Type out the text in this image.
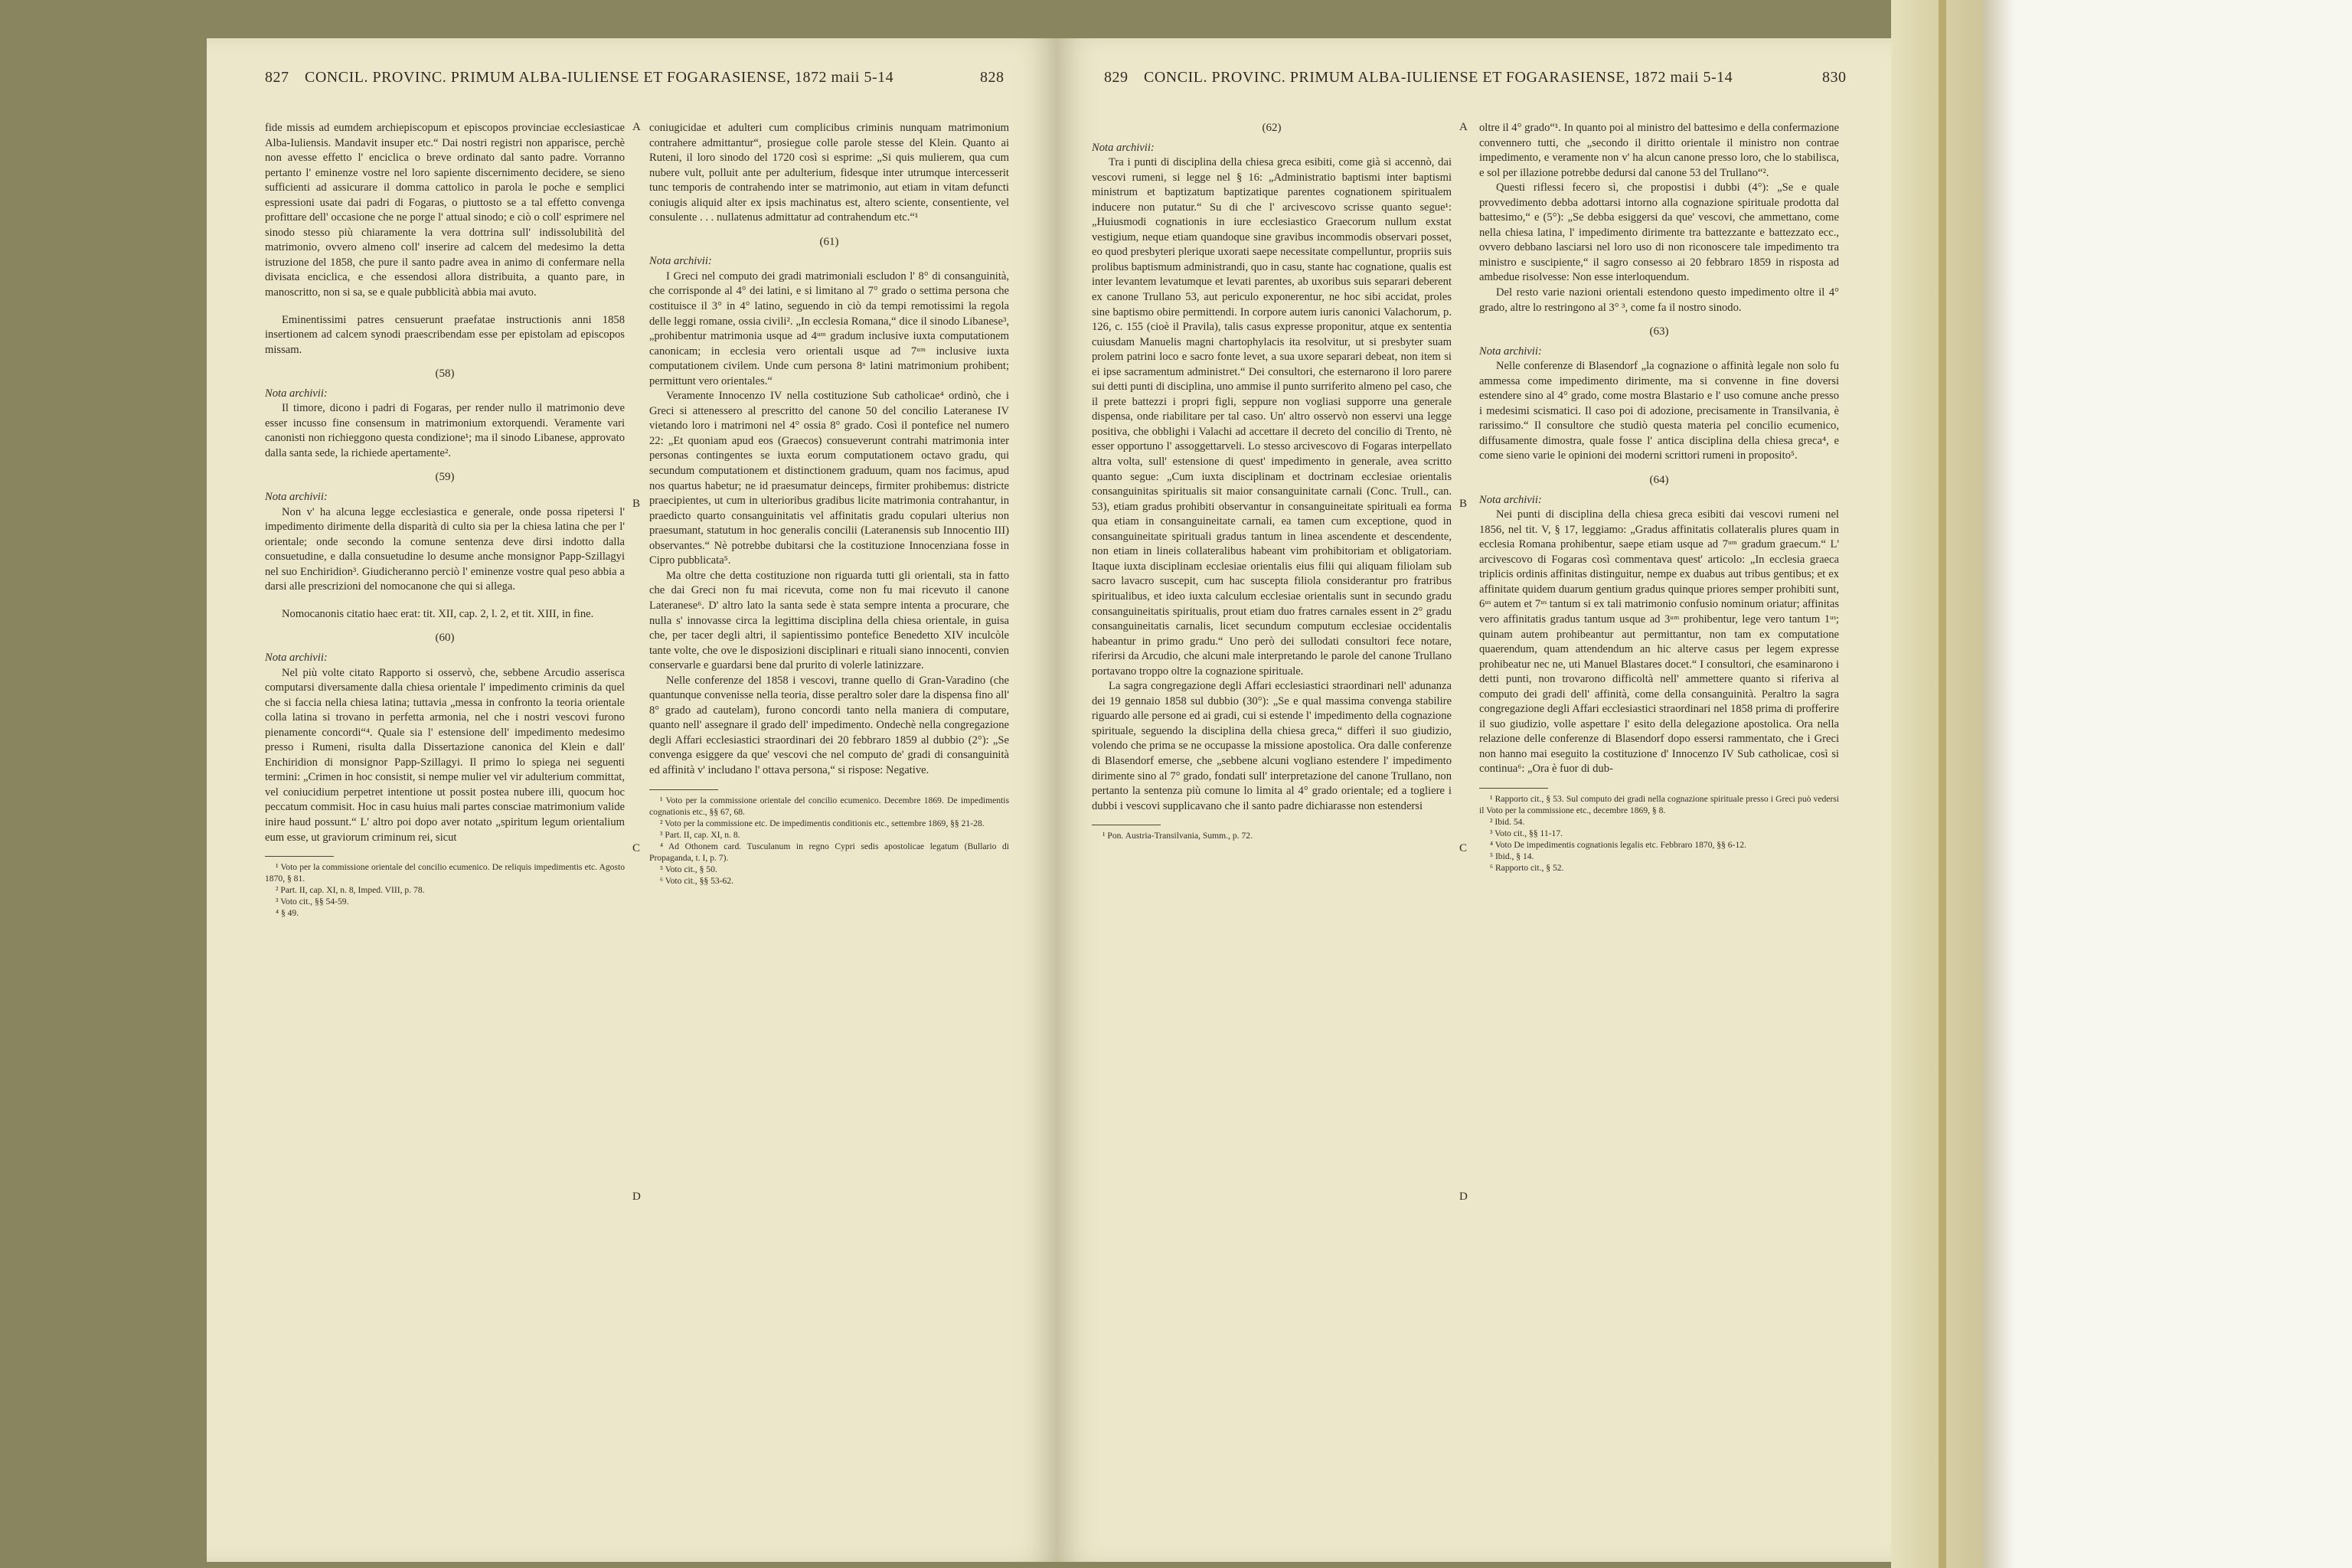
827 CONCIL. PROVINC. PRIMUM ALBA-IULIENSE ET FOGARASIENSE, 1872 maii 5-14	828
A
B
C
D

fide missis ad eumdem archiepiscopum et episcopos provinciae ecclesiasticae Alba-Iuliensis. Mandavit insuper etc.“ Dai nostri registri non apparisce, perchè non avesse effetto l' enciclica o breve ordinato dal santo padre. Vorranno pertanto l' eminenze vostre nel loro sapiente discernimento decidere, se sieno sufficienti ad assicurare il domma cattolico in parola le poche e semplici espressioni usate dai padri di Fogaras, o piuttosto se a tal effetto convenga profittare dell' occasione che ne porge l' attual sinodo; e ciò o coll' esprimere nel sinodo stesso più chiaramente la vera dottrina sull' indissolubilità del matrimonio, ovvero almeno coll' inserire ad calcem del medesimo la detta istruzione del 1858, che pure il santo padre avea in animo di confermare nella divisata enciclica, e che essendosi allora distribuita, a quanto pare, in manoscritto, non si sa, se e quale pubblicità abbia mai avuto.

Eminentissimi patres censuerunt praefatae instructionis anni 1858 insertionem ad calcem synodi praescribendam esse per epistolam ad episcopos missam.

(58)

Nota archivii:

Il timore, dicono i padri di Fogaras, per render nullo il matrimonio deve esser incusso fine consensum in matrimonium extorquendi. Veramente vari canonisti non richieggono questa condizione¹; ma il sinodo Libanese, approvato dalla santa sede, la richiede apertamente².

(59)

Nota archivii:

Non v' ha alcuna legge ecclesiastica e generale, onde possa ripetersi l' impedimento dirimente della disparità di culto sia per la chiesa latina che per l' orientale; onde secondo la comune sentenza deve dirsi indotto dalla consuetudine, e dalla consuetudine lo desume anche monsignor Papp-Szillagyi nel suo Enchiridion³. Giudicheranno perciò l' eminenze vostre qual peso abbia a darsi alle prescrizioni del nomocanone che qui si allega.

Nomocanonis citatio haec erat: tit. XII, cap. 2, l. 2, et tit. XIII, in fine.

(60)

Nota archivii:

Nel più volte citato Rapporto si osservò, che, sebbene Arcudio asserisca computarsi diversamente dalla chiesa orientale l' impedimento criminis da quel che si faccia nella chiesa latina; tuttavia „messa in confronto la teoria orientale colla latina si trovano in perfetta armonia, nel che i nostri vescovi furono pienamente concordi“⁴. Quale sia l' estensione dell' impedimento medesimo presso i Rumeni, risulta dalla Dissertazione canonica del Klein e dall' Enchiridion di monsignor Papp-Szillagyi. Il primo lo spiega nei seguenti termini: „Crimen in hoc consistit, si nempe mulier vel vir adulterium committat, vel coniucidium perpetret intentione ut possit postea nubere illi, quocum hoc peccatum commisit. Hoc in casu huius mali partes consciae matrimonium valide inire haud possunt.“ L' altro poi dopo aver notato „spiritum legum orientalium eum esse, ut graviorum criminum rei, sicut

¹ Voto per la commissione orientale del concilio ecumenico. De reliquis impedimentis etc. Agosto 1870, § 81.

² Part. II, cap. XI, n. 8, Imped. VIII, p. 78.

³ Voto cit., §§ 54-59.

⁴ § 49.

coniugicidae et adulteri cum complicibus criminis nunquam matrimonium contrahere admittantur“, prosiegue colle parole stesse del Klein. Quanto ai Ruteni, il loro sinodo del 1720 così si esprime: „Si quis mulierem, qua cum nubere vult, polluit ante per adulterium, fidesque inter utrumque intercesserit tunc temporis de contrahendo inter se matrimonio, aut etiam in vitam defuncti coniugis aliquid alter ex ipsis machinatus est, altero sciente, consentiente, vel consulente . . . nullatenus admittatur ad contrahendum etc.“¹

(61)

Nota archivii:

I Greci nel computo dei gradi matrimoniali escludon l' 8° di consanguinità, che corrisponde al 4° dei latini, e si limitano al 7° grado o settima persona che costituisce il 3° in 4° latino, seguendo in ciò da tempi remotissimi la regola delle leggi romane, ossia civili². „In ecclesia Romana,“ dice il sinodo Libanese³, „prohibentur matrimonia usque ad 4ᵘᵐ gradum inclusive iuxta computationem canonicam; in ecclesia vero orientali usque ad 7ᵘᵐ inclusive iuxta computationem civilem. Unde cum persona 8ᵃ latini matrimonium prohibent; permittunt vero orientales.“

Veramente Innocenzo IV nella costituzione Sub catholicae⁴ ordinò, che i Greci si attenessero al prescritto del canone 50 del concilio Lateranese IV vietando loro i matrimoni nel 4° ossia 8° grado. Così il pontefice nel numero 22: „Et quoniam apud eos (Graecos) consueverunt contrahi matrimonia inter personas contingentes se iuxta eorum computationem octavo gradu, qui secundum computationem et distinctionem graduum, quam nos facimus, apud nos quartus habetur; ne id praesumatur deinceps, firmiter prohibemus: districte praecipientes, ut cum in ulterioribus gradibus licite matrimonia contrahantur, in praedicto quarto consanguinitatis vel affinitatis gradu copulari ulterius non praesumant, statutum in hoc generalis concilii (Lateranensis sub Innocentio III) observantes.“ Nè potrebbe dubitarsi che la costituzione Innocenziana fosse in Cipro pubblicata⁵.

Ma oltre che detta costituzione non riguarda tutti gli orientali, sta in fatto che dai Greci non fu mai ricevuta, come non fu mai ricevuto il canone Lateranese⁶. D' altro lato la santa sede è stata sempre intenta a procurare, che nulla s' innovasse circa la legittima disciplina della chiesa orientale, in guisa che, per tacer degli altri, il sapientissimo pontefice Benedetto XIV inculcòle tante volte, che ove le disposizioni disciplinari e rituali siano innocenti, convien conservarle e guardarsi bene dal prurito di volerle latinizzare.

Nelle conferenze del 1858 i vescovi, tranne quello di Gran-Varadino (che quantunque convenisse nella teoria, disse peraltro soler dare la dispensa fino all' 8° grado ad cautelam), furono concordi tanto nella maniera di computare, quanto nell' assegnare il grado dell' impedimento. Ondechè nella congregazione degli Affari ecclesiastici straordinari dei 20 febbraro 1859 al dubbio (2°): „Se convenga esiggere da que' vescovi che nel computo de' gradi di consanguinità ed affinità v' includano l' ottava persona,“ si rispose: Negative.

¹ Voto per la commissione orientale del concilio ecumenico. Decembre 1869. De impedimentis cognationis etc., §§ 67, 68.

² Voto per la commissione etc. De impedimentis conditionis etc., settembre 1869, §§ 21-28.

³ Part. II, cap. XI, n. 8.

⁴ Ad Othonem card. Tusculanum in regno Cypri sedis apostolicae legatum (Bullario di Propaganda, t. I, p. 7).

⁵ Voto cit., § 50.

⁶ Voto cit., §§ 53-62.

829 CONCIL. PROVINC. PRIMUM ALBA-IULIENSE ET FOGARASIENSE, 1872 maii 5-14	830
A
B
C
D
(62)

Nota archivii:

Tra i punti di disciplina della chiesa greca esibiti, come già si accennò, dai vescovi rumeni, si legge nel § 16: „Administratio baptismi inter baptismi ministrum et baptizatum baptizatique parentes cognationem spiritualem inducere non putatur.“ Su di che l' arcivescovo scrisse quanto segue¹: „Huiusmodi cognationis in iure ecclesiastico Graecorum nullum exstat vestigium, neque etiam quandoque sine gravibus incommodis observari posset, eo quod presbyteri plerique uxorati saepe necessitate compelluntur, propriis suis prolibus baptismum administrandi, quo in casu, stante hac cognatione, qualis est inter levantem levatumque et levati parentes, ab uxoribus suis separari deberent ex canone Trullano 53, aut periculo exponerentur, ne hoc sibi accidat, proles sine baptismo obire permittendi. In corpore autem iuris canonici Valachorum, p. 126, c. 155 (cioè il Pravila), talis casus expresse proponitur, atque ex sententia cuiusdam Manuelis magni chartophylacis ita resolvitur, ut si presbyter suam prolem patrini loco e sacro fonte levet, a sua uxore separari debeat, non item si ei ipse sacramentum administret.“ Dei consultori, che esternarono il loro parere sui detti punti di disciplina, uno ammise il punto surriferito almeno pel caso, che il prete battezzi i propri figli, seppure non vogliasi supporre una generale dispensa, onde riabilitare per tal caso. Un' altro osservò non esservi una legge positiva, che obblighi i Valachi ad accettare il decreto del concilio di Trento, nè esser opportuno l' assoggettarveli. Lo stesso arcivescovo di Fogaras interpellato altra volta, sull' estensione di quest' impedimento in generale, avea scritto quanto segue: „Cum iuxta disciplinam et doctrinam ecclesiae orientalis consanguinitas spiritualis sit maior consanguinitate carnali (Conc. Trull., can. 53), etiam gradus prohibiti observantur in consanguineitate spirituali ea forma qua etiam in consanguineitate carnali, ea tamen cum exceptione, quod in consanguineitate spirituali gradus tantum in linea ascendente et descendente, non etiam in lineis collateralibus habeant vim prohibitoriam et obligatoriam. Itaque iuxta disciplinam ecclesiae orientalis eius filii qui aliquam filiolam sub sacro lavacro suscepit, cum hac suscepta filiola considerantur pro fratribus spiritualibus, et ideo iuxta calculum ecclesiae orientalis sunt in secundo gradu consanguineitatis spiritualis, prout etiam duo fratres carnales essent in 2° gradu consanguineitatis carnalis, licet secundum computum ecclesiae occidentalis habeantur in primo gradu.“ Uno però dei sullodati consultori fece notare, riferirsi da Arcudio, che alcuni male interpretando le parole del canone Trullano portavano troppo oltre la cognazione spirituale.

La sagra congregazione degli Affari ecclesiastici straordinari nell' adunanza dei 19 gennaio 1858 sul dubbio (30°): „Se e qual massima convenga stabilire riguardo alle persone ed ai gradi, cui si estende l' impedimento della cognazione spirituale, seguendo la disciplina della chiesa greca,“ differì il suo giudizio, volendo che prima se ne occupasse la missione apostolica. Ora dalle conferenze di Blasendorf emerse, che „sebbene alcuni vogliano estendere l' impedimento dirimente sino al 7° grado, fondati sull' interpretazione del canone Trullano, non pertanto la sentenza più comune lo limita al 4° grado orientale; ed a togliere i dubbi i vescovi supplicavano che il santo padre dichiarasse non estendersi

¹ Pon. Austria-Transilvania, Summ., p. 72.

oltre il 4° grado“¹. In quanto poi al ministro del battesimo e della confermazione convennero tutti, che „secondo il diritto orientale il ministro non contrae impedimento, e veramente non v' ha alcun canone presso loro, che lo stabilisca, e sol per illazione potrebbe dedursi dal canone 53 del Trullano“².

Questi riflessi fecero sì, che propostisi i dubbi (4°): „Se e quale provvedimento debba adottarsi intorno alla cognazione spirituale prodotta dal battesimo,“ e (5°): „Se debba esiggersi da que' vescovi, che ammettano, come nella chiesa latina, l' impedimento dirimente tra battezzante e battezzato ecc., ovvero debbano lasciarsi nel loro uso di non riconoscere tale impedimento tra ministro e suscipiente,“ il sagro consesso ai 20 febbraro 1859 in risposta ad ambedue risolvesse: Non esse interloquendum.

Del resto varie nazioni orientali estendono questo impedimento oltre il 4° grado, altre lo restringono al 3° ³, come fa il nostro sinodo.

(63)

Nota archivii:

Nelle conferenze di Blasendorf „la cognazione o affinità legale non solo fu ammessa come impedimento dirimente, ma si convenne in fine doversi estendere sino al 4° grado, come mostra Blastario e l' uso comune anche presso i medesimi scismatici. Il caso poi di adozione, precisamente in Transilvania, è rarissimo.“ Il consultore che studiò questa materia pel concilio ecumenico, diffusamente dimostra, quale fosse l' antica disciplina della chiesa greca⁴, e come sieno varie le opinioni dei moderni scrittori rumeni in proposito⁵.

(64)

Nota archivii:

Nei punti di disciplina della chiesa greca esibiti dai vescovi rumeni nel 1856, nel tit. V, § 17, leggiamo: „Gradus affinitatis collateralis plures quam in ecclesia Romana prohibentur, saepe etiam usque ad 7ᵘᵐ gradum graecum.“ L' arcivescovo di Fogaras così commentava quest' articolo: „In ecclesia graeca triplicis ordinis affinitas distinguitur, nempe ex duabus aut tribus gentibus; et ex affinitate quidem duarum gentium gradus quinque priores semper prohibiti sunt, 6ᵘˢ autem et 7ᵘˢ tantum si ex tali matrimonio confusio nominum oriatur; affinitas vero affinitatis gradus tantum usque ad 3ᵘᵐ prohibentur, lege vero tantum 1ᵘˢ; quinam autem prohibeantur aut permittantur, non tam ex computatione quaerendum, quam attendendum an hic alterve casus per legem expresse prohibeatur nec ne, uti Manuel Blastares docet.“ I consultori, che esaminarono i detti punti, non trovarono difficoltà nell' ammettere quanto si riferiva al computo dei gradi dell' affinità, come della consanguinità. Peraltro la sagra congregazione degli Affari ecclesiastici straordinari nel 1858 prima di profferire il suo giudizio, volle aspettare l' esito della delegazione apostolica. Ora nella relazione delle conferenze di Blasendorf dopo essersi rammentato, che i Greci non hanno mai eseguito la costituzione d' Innocenzo IV Sub catholicae, così si continua⁶: „Ora è fuor di dub-

¹ Rapporto cit., § 53. Sul computo dei gradi nella cognazione spirituale presso i Greci può vedersi il Voto per la commissione etc., decembre 1869, § 8.

² Ibid. 54.

³ Voto cit., §§ 11-17.

⁴ Voto De impedimentis cognationis legalis etc. Febbraro 1870, §§ 6-12.

⁵ Ibid., § 14.

⁶ Rapporto cit., § 52.
